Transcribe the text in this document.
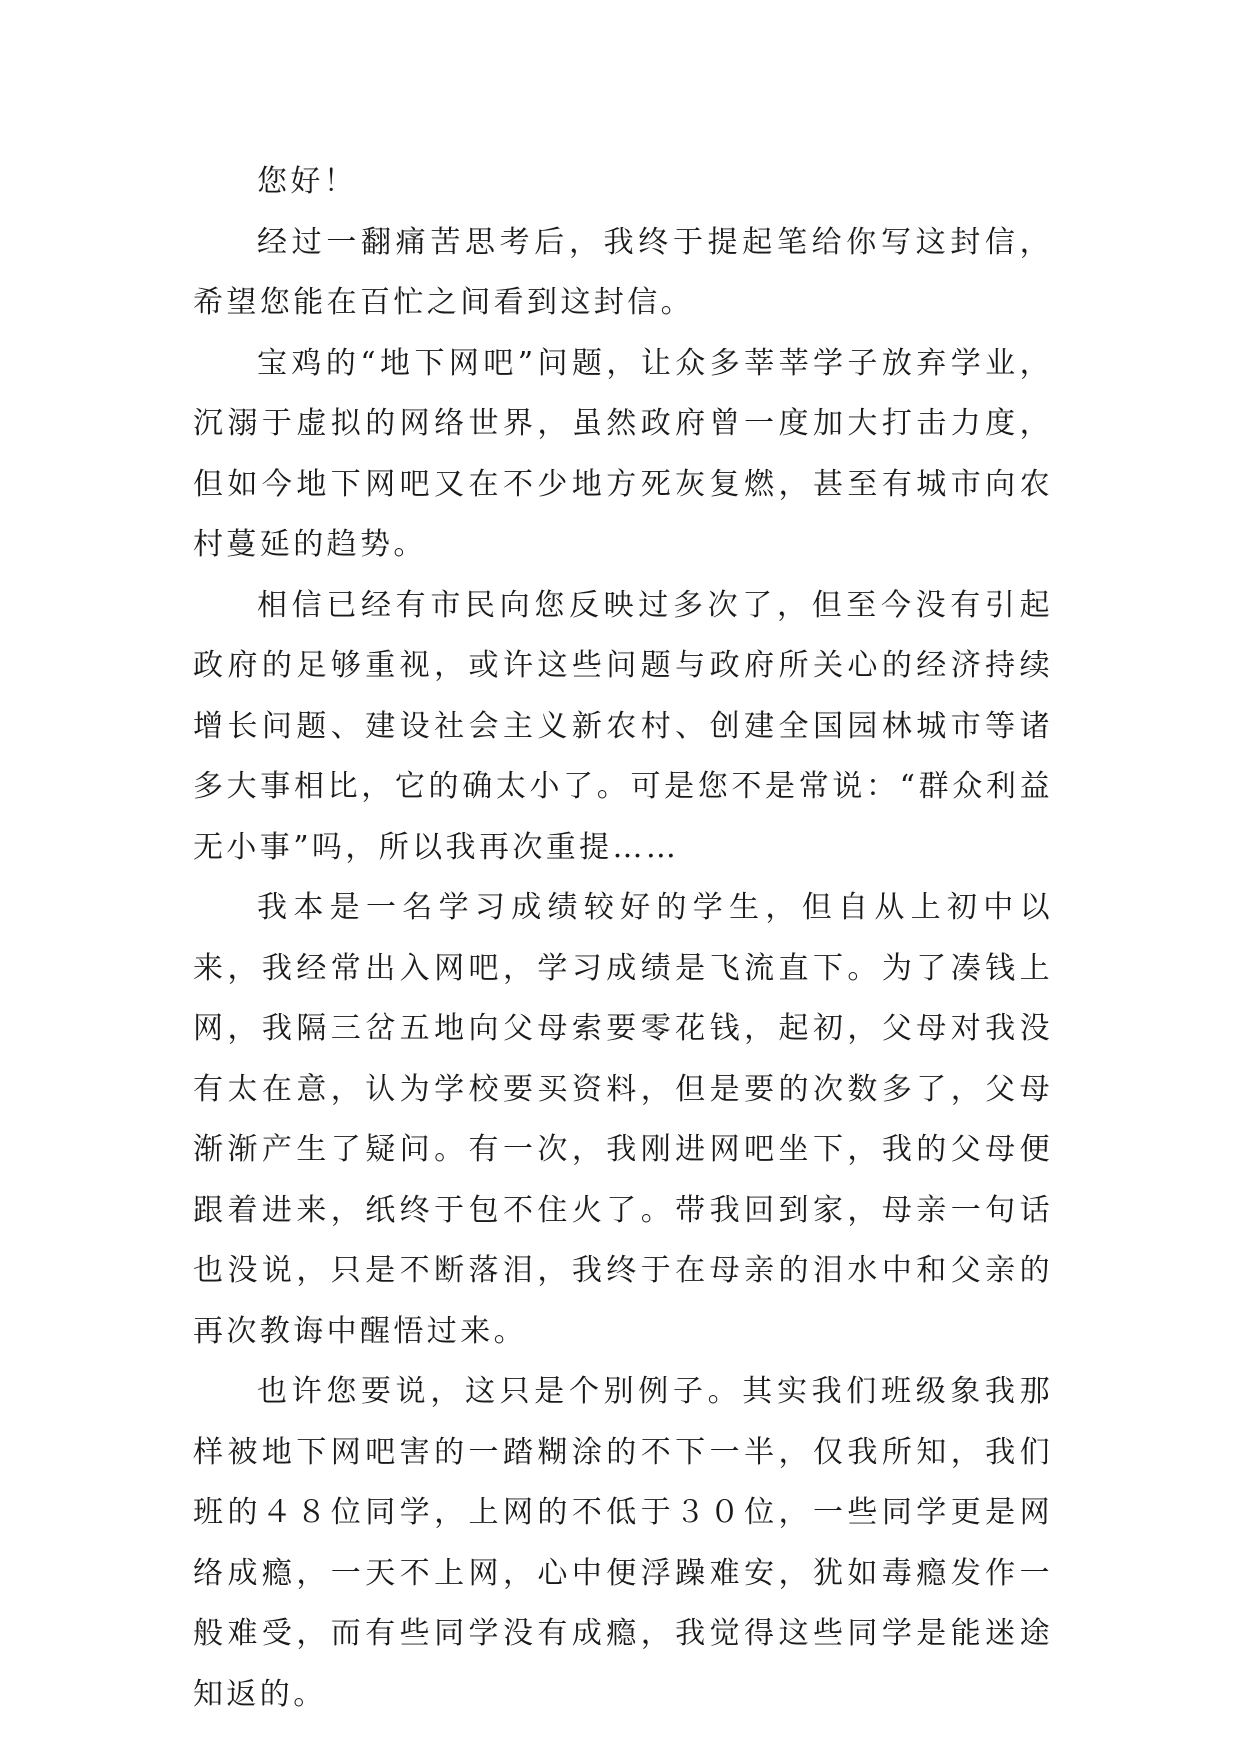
您好！

经过一翻痛苦思考后，我终于提起笔给你写这封信，希望您能在百忙之间看到这封信。

宝鸡的“地下网吧”问题，让众多莘莘学子放弃学业，沉溺于虚拟的网络世界，虽然政府曾一度加大打击力度，但如今地下网吧又在不少地方死灰复燃，甚至有城市向农村蔓延的趋势。

相信已经有市民向您反映过多次了，但至今没有引起政府的足够重视，或许这些问题与政府所关心的经济持续增长问题、建设社会主义新农村、创建全国园林城市等诸多大事相比，它的确太小了。可是您不是常说：“群众利益无小事”吗，所以我再次重提……

我本是一名学习成绩较好的学生，但自从上初中以来，我经常出入网吧，学习成绩是飞流直下。为了凑钱上网，我隔三岔五地向父母索要零花钱，起初，父母对我没有太在意，认为学校要买资料，但是要的次数多了，父母渐渐产生了疑问。有一次，我刚进网吧坐下，我的父母便跟着进来，纸终于包不住火了。带我回到家，母亲一句话也没说，只是不断落泪，我终于在母亲的泪水中和父亲的再次教诲中醒悟过来。

也许您要说，这只是个别例子。其实我们班级象我那样被地下网吧害的一踏糊涂的不下一半，仅我所知，我们班的４８位同学，上网的不低于３０位，一些同学更是网络成瘾，一天不上网，心中便浮躁难安，犹如毒瘾发作一般难受，而有些同学没有成瘾，我觉得这些同学是能迷途知返的。
